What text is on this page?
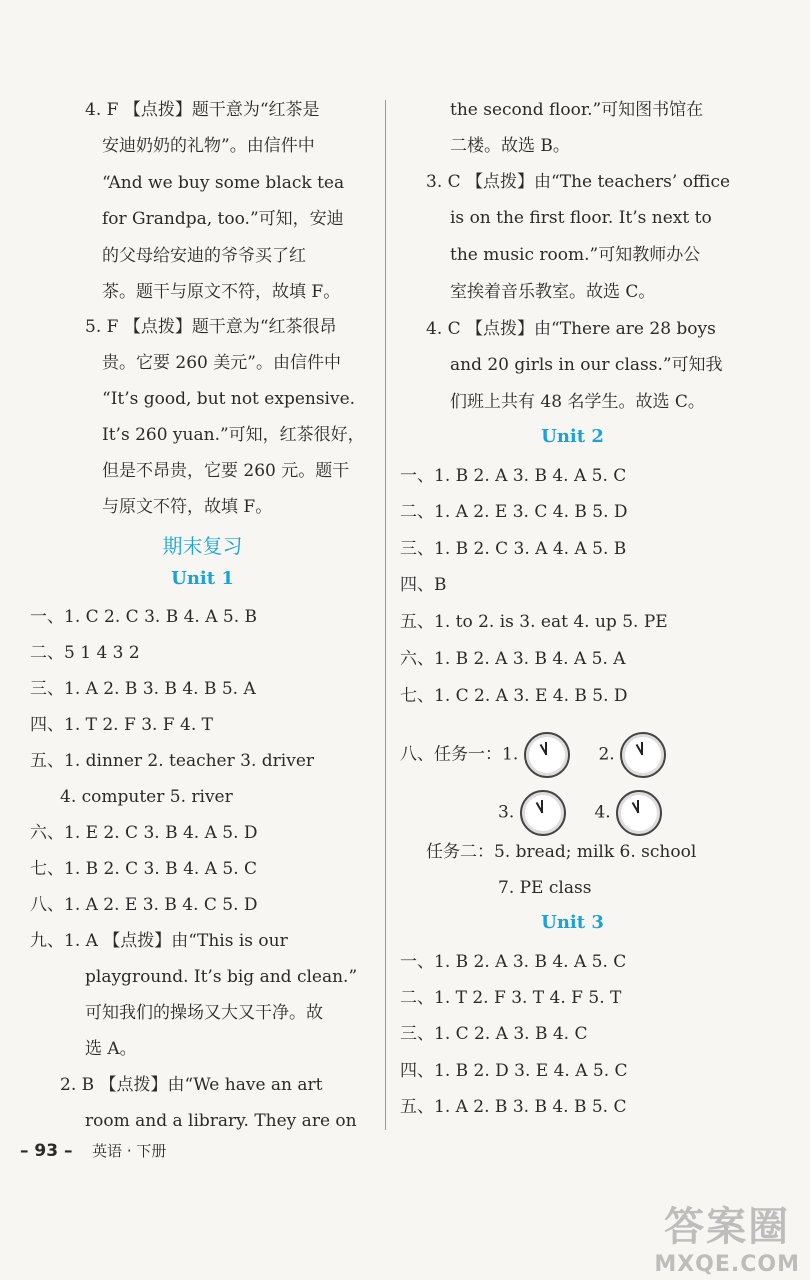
4. F 【点拨】题干意为“红茶是
安迪奶奶的礼物”。由信件中
“And we buy some black tea
for Grandpa, too.”可知，安迪
的父母给安迪的爷爷买了红
茶。题干与原文不符，故填 F。
5. F 【点拨】题干意为“红茶很昂
贵。它要 260 美元”。由信件中
“It’s good, but not expensive.
It’s 260 yuan.”可知，红茶很好，
但是不昂贵，它要 260 元。题干
与原文不符，故填 F。
期末复习
Unit 1
一、1. C 2. C 3. B 4. A 5. B
二、5 1 4 3 2
三、1. A 2. B 3. B 4. B 5. A
四、1. T 2. F 3. F 4. T
五、1. dinner 2. teacher 3. driver
4. computer 5. river
六、1. E 2. C 3. B 4. A 5. D
七、1. B 2. C 3. B 4. A 5. C
八、1. A 2. E 3. B 4. C 5. D
九、1. A 【点拨】由“This is our
playground. It’s big and clean.”
可知我们的操场又大又干净。故
选 A。
2. B 【点拨】由“We have an art
room and a library. They are on
the second floor.”可知图书馆在
二楼。故选 B。
3. C 【点拨】由“The teachers’ office
is on the first floor. It’s next to
the music room.”可知教师办公
室挨着音乐教室。故选 C。
4. C 【点拨】由“There are 28 boys
and 20 girls in our class.”可知我
们班上共有 48 名学生。故选 C。
Unit 2
一、1. B 2. A 3. B 4. A 5. C
二、1. A 2. E 3. C 4. B 5. D
三、1. B 2. C 3. A 4. A 5. B
四、B
五、1. to 2. is 3. eat 4. up 5. PE
六、1. B 2. A 3. B 4. A 5. A
七、1. C 2. A 3. E 4. B 5. D
八、任务一：1.	2.
3.	4.
任务二：5. bread; milk 6. school
7. PE class
Unit 3
一、1. B 2. A 3. B 4. A 5. C
二、1. T 2. F 3. T 4. F 5. T
三、1. C 2. A 3. B 4. C
四、1. B 2. D 3. E 4. A 5. C
五、1. A 2. B 3. B 4. B 5. C
– 93 – 英语 · 下册
答案圈
MXQE.COM
